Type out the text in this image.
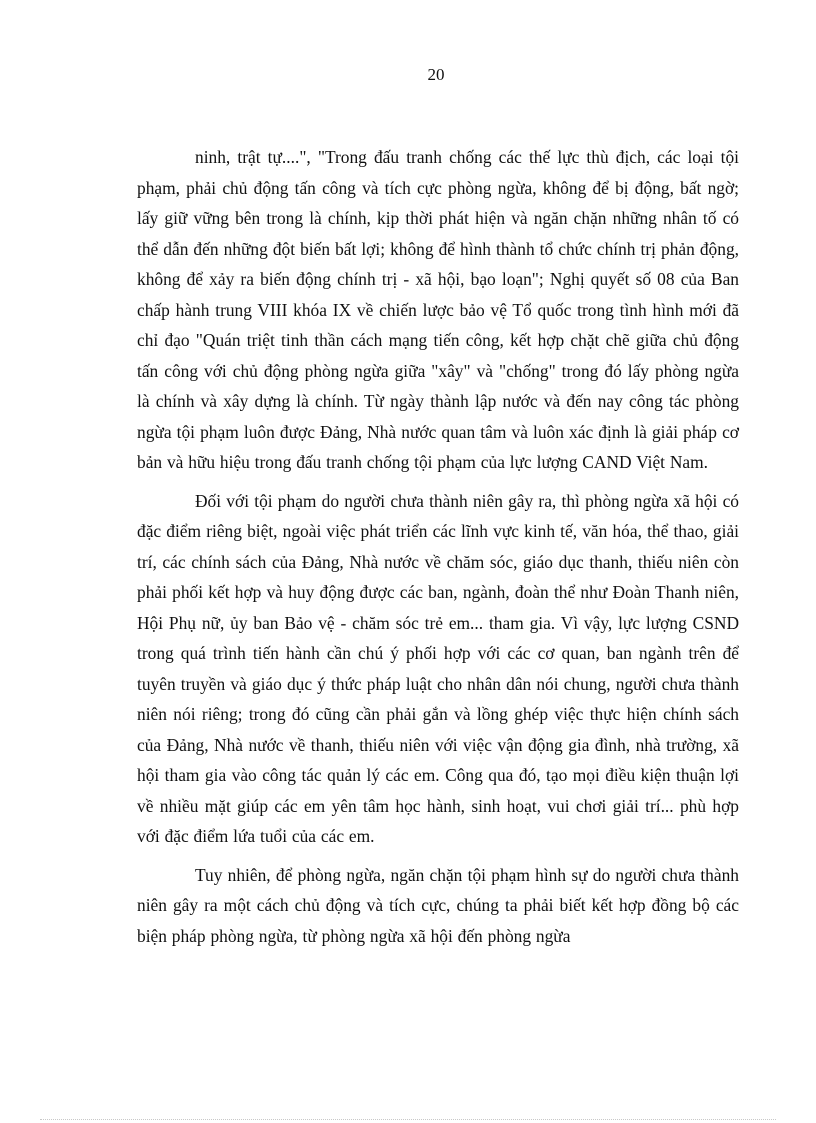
20

ninh, trật tự....", "Trong đấu tranh chống các thế lực thù địch, các loại tội phạm, phải chủ động tấn công và tích cực phòng ngừa, không để bị động, bất ngờ; lấy giữ vững bên trong là chính, kịp thời phát hiện và ngăn chặn những nhân tố có thể dẫn đến những đột biến bất lợi; không để hình thành tổ chức chính trị phản động, không để xảy ra biến động chính trị - xã hội, bạo loạn"; Nghị quyết số 08 của Ban chấp hành trung VIII khóa IX về chiến lược bảo vệ Tổ quốc trong tình hình mới đã chỉ đạo "Quán triệt tinh thần cách mạng tiến công, kết hợp chặt chẽ giữa chủ động tấn công với chủ động phòng ngừa giữa "xây" và "chống" trong đó lấy phòng ngừa là chính và xây dựng là chính. Từ ngày thành lập nước và đến nay công tác phòng ngừa tội phạm luôn được Đảng, Nhà nước quan tâm và luôn xác định là giải pháp cơ bản và hữu hiệu trong đấu tranh chống tội phạm của lực lượng CAND Việt Nam.

Đối với tội phạm do người chưa thành niên gây ra, thì phòng ngừa xã hội có đặc điểm riêng biệt, ngoài việc phát triển các lĩnh vực kinh tế, văn hóa, thể thao, giải trí, các chính sách của Đảng, Nhà nước về chăm sóc, giáo dục thanh, thiếu niên còn phải phối kết hợp và huy động được các ban, ngành, đoàn thể như Đoàn Thanh niên, Hội Phụ nữ, ủy ban Bảo vệ - chăm sóc trẻ em... tham gia. Vì vậy, lực lượng CSND trong quá trình tiến hành cần chú ý phối hợp với các cơ quan, ban ngành trên để tuyên truyền và giáo dục ý thức pháp luật cho nhân dân nói chung, người chưa thành niên nói riêng; trong đó cũng cần phải gắn và lồng ghép việc thực hiện chính sách của Đảng, Nhà nước về thanh, thiếu niên với việc vận động gia đình, nhà trường, xã hội tham gia vào công tác quản lý các em. Công qua đó, tạo mọi điều kiện thuận lợi về nhiều mặt giúp các em yên tâm học hành, sinh hoạt, vui chơi giải trí... phù hợp với đặc điểm lứa tuổi của các em.

Tuy nhiên, để phòng ngừa, ngăn chặn tội phạm hình sự do người chưa thành niên gây ra một cách chủ động và tích cực, chúng ta phải biết kết hợp đồng bộ các biện pháp phòng ngừa, từ phòng ngừa xã hội đến phòng ngừa
